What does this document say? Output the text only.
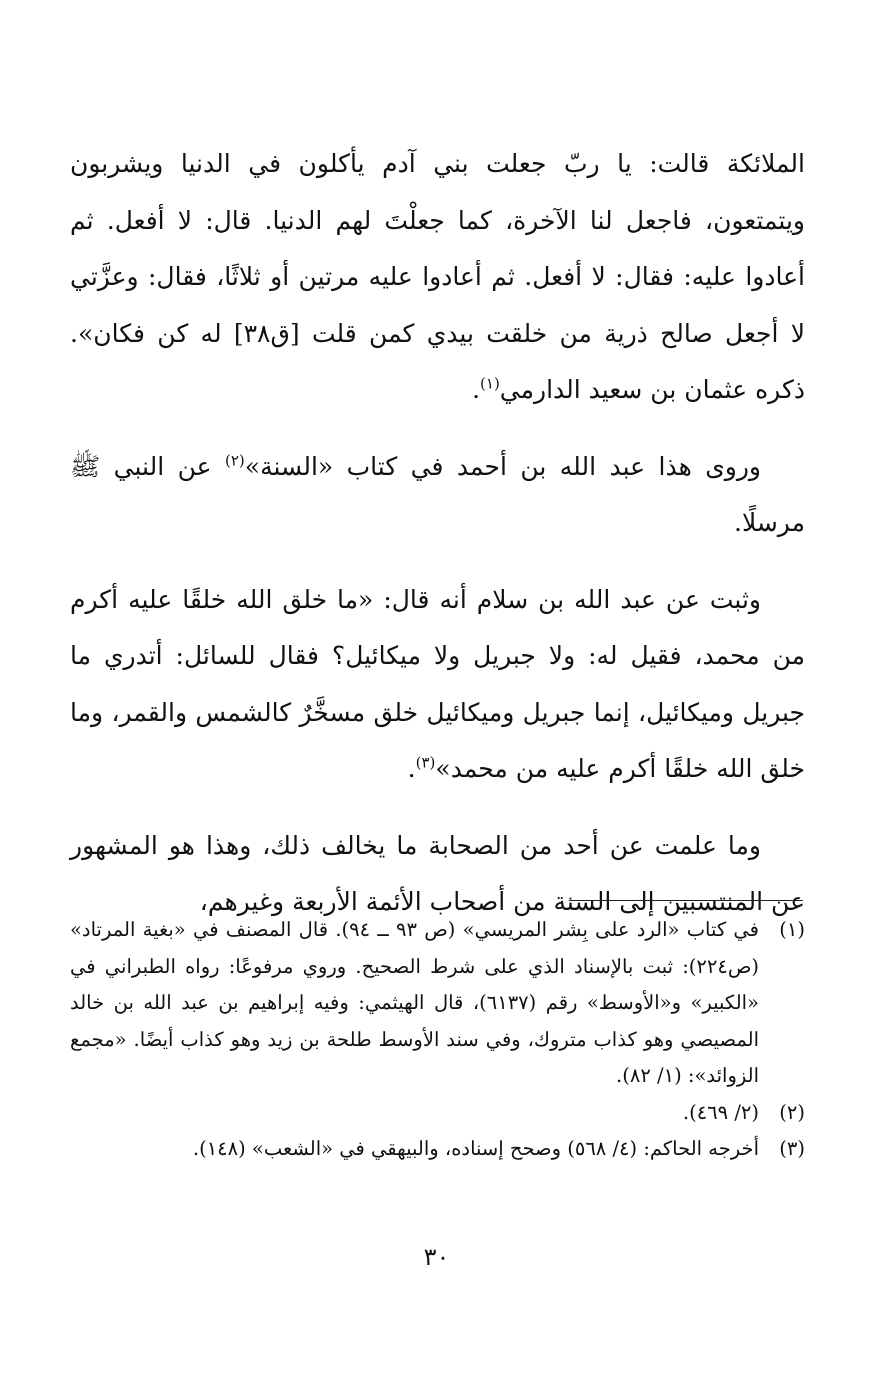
الملائكة قالت: يا ربّ جعلت بني آدم يأكلون في الدنيا ويشربون ويتمتعون، فاجعل لنا الآخرة، كما جعلْتَ لهم الدنيا. قال: لا أفعل. ثم أعادوا عليه: فقال: لا أفعل. ثم أعادوا عليه مرتين أو ثلاثًا، فقال: وعزَّتي لا أجعل صالح ذرية من خلقت بيدي كمن قلت [ق٣٨] له كن فكان». ذكره عثمان بن سعيد الدارمي$^{(١)}$.

وروى هذا عبد الله بن أحمد في كتاب «السنة»$^{(٢)}$ عن النبي ﷺ مرسلًا.

وثبت عن عبد الله بن سلام أنه قال: «ما خلق الله خلقًا عليه أكرم من محمد، فقيل له: ولا جبريل ولا ميكائيل؟ فقال للسائل: أتدري ما جبريل وميكائيل، إنما جبريل وميكائيل خلق مسخَّرٌ كالشمس والقمر، وما خلق الله خلقًا أكرم عليه من محمد»$^{(٣)}$.

وما علمت عن أحد من الصحابة ما يخالف ذلك، وهذا هو المشهور عن المنتسبين إلى السنة من أصحاب الأئمة الأربعة وغيرهم،

(١)
في كتاب «الرد على بِشر المريسي» (ص ٩٣ ــ ٩٤). قال المصنف في «بغية المرتاد» (ص٢٢٤): ثبت بالإسناد الذي على شرط الصحيح. وروي مرفوعًا: رواه الطبراني في «الكبير» و«الأوسط» رقم (٦١٣٧)، قال الهيثمي: وفيه إبراهيم بن عبد الله بن خالد المصيصي وهو كذاب متروك، وفي سند الأوسط طلحة بن زيد وهو كذاب أيضًا. «مجمع الزوائد»: (١/ ٨٢).
(٢)
(٢/ ٤٦٩).
(٣)
أخرجه الحاكم: (٤/ ٥٦٨) وصحح إسناده، والبيهقي في «الشعب» (١٤٨).
٣٠
